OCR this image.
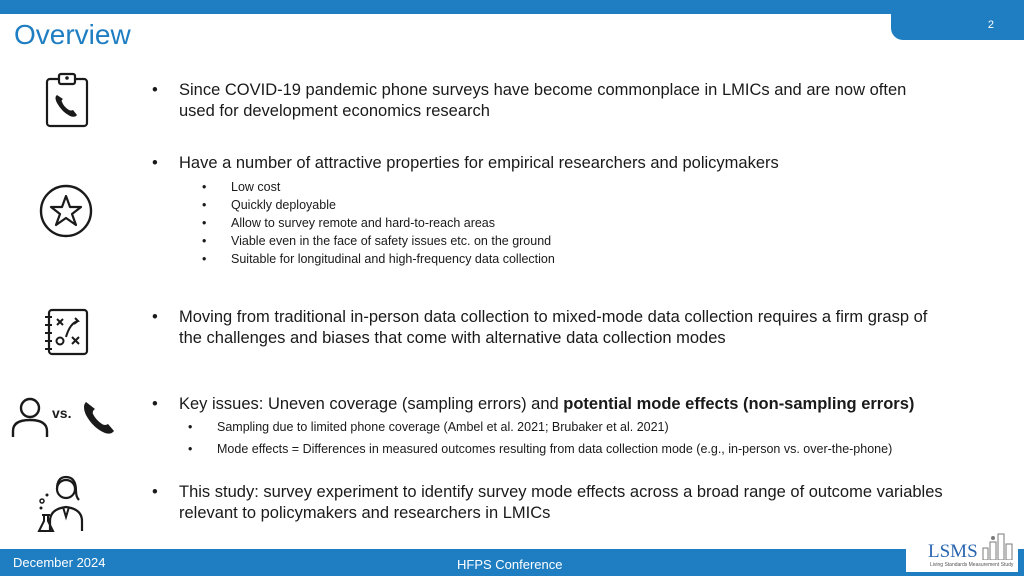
2
Overview
vs.
• Since COVID-19 pandemic phone surveys have become commonplace in LMICs and are now often
used for development economics research
• Have a number of attractive properties for empirical researchers and policymakers
• Low cost
• Quickly deployable
• Allow to survey remote and hard-to-reach areas
• Viable even in the face of safety issues etc. on the ground
• Suitable for longitudinal and high-frequency data collection
• Moving from traditional in-person data collection to mixed-mode data collection requires a firm grasp of
the challenges and biases that come with alternative data collection modes
• Key issues: Uneven coverage (sampling errors) and potential mode effects (non-sampling errors)
• Sampling due to limited phone coverage (Ambel et al. 2021; Brubaker et al. 2021)
• Mode effects = Differences in measured outcomes resulting from data collection mode (e.g., in-person vs. over-the-phone)
• This study: survey experiment to identify survey mode effects across a broad range of outcome variables
relevant to policymakers and researchers in LMICs
December 2024	HFPS Conference
LSMS
Living Standards Measurement Study
